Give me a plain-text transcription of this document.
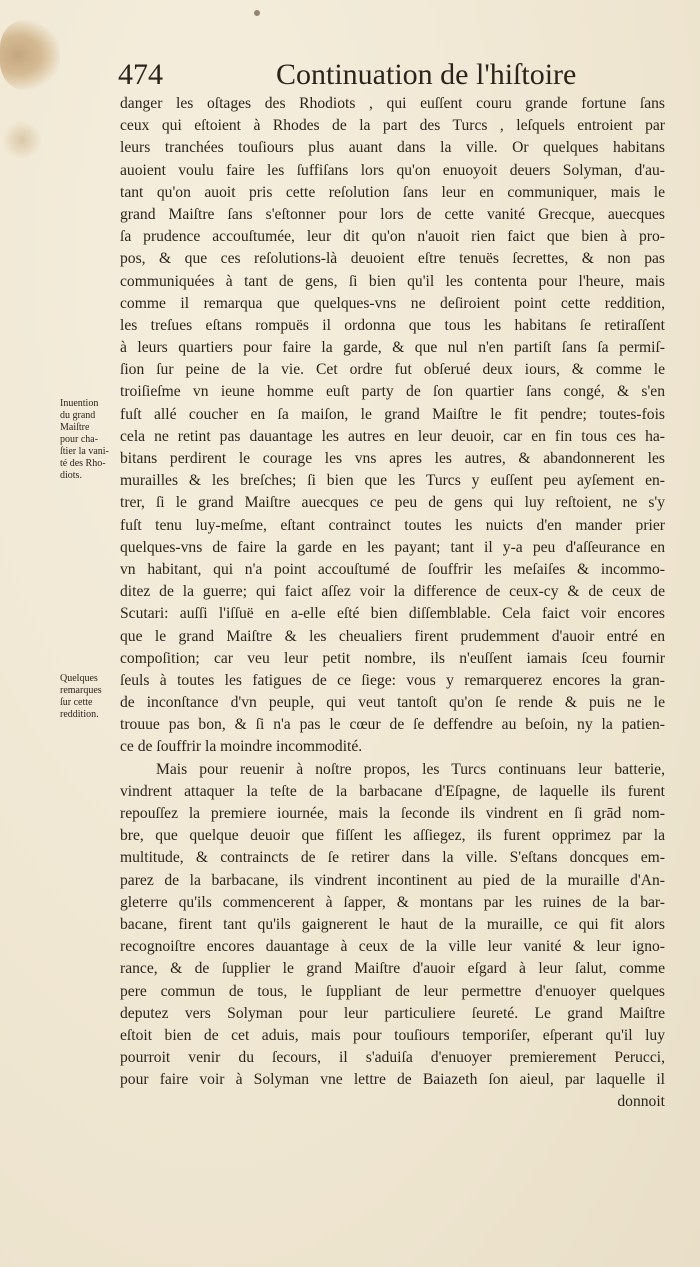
474	Continuation de l'hiſtoire
Inuention
du grand
Maiſtre
pour cha-
ſtier la vani-
té des Rho-
diots.
Quelques
remarques
ſur cette
reddition.
danger les oſtages des Rhodiots , qui euſſent couru grande fortune ſans
ceux qui eſtoient à Rhodes de la part des Turcs , leſquels entroient par
leurs tranchées touſiours plus auant dans la ville. Or quelques habitans
auoient voulu faire les ſuffiſans lors qu'on enuoyoit deuers Solyman, d'au-
tant qu'on auoit pris cette reſolution ſans leur en communiquer, mais le
grand Maiſtre ſans s'eſtonner pour lors de cette vanité Grecque, auecques
ſa prudence accouſtumée, leur dit qu'on n'auoit rien faict que bien à pro-
pos, & que ces reſolutions-là deuoient eſtre tenuës ſecrettes, & non pas
communiquées à tant de gens, ſi bien qu'il les contenta pour l'heure, mais
comme il remarqua que quelques-vns ne deſiroient point cette reddition,
les treſues eſtans rompuës il ordonna que tous les habitans ſe retiraſſent
à leurs quartiers pour faire la garde, & que nul n'en partiſt ſans ſa permiſ-
ſion ſur peine de la vie. Cet ordre fut obſerué deux iours, & comme le
troiſieſme vn ieune homme euſt party de ſon quartier ſans congé, & s'en
fuſt allé coucher en ſa maiſon, le grand Maiſtre le fit pendre; toutes-fois
cela ne retint pas dauantage les autres en leur deuoir, car en fin tous ces ha-
bitans perdirent le courage les vns apres les autres, & abandonnerent les
murailles & les breſches; ſi bien que les Turcs y euſſent peu ayſement en-
trer, ſi le grand Maiſtre auecques ce peu de gens qui luy reſtoient, ne s'y
fuſt tenu luy-meſme, eſtant contrainct toutes les nuicts d'en mander prier
quelques-vns de faire la garde en les payant; tant il y-a peu d'aſſeurance en
vn habitant, qui n'a point accouſtumé de ſouffrir les meſaiſes & incommo-
ditez de la guerre; qui faict aſſez voir la difference de ceux-cy & de ceux de
Scutari: auſſi l'iſſuë en a-elle eſté bien diſſemblable. Cela faict voir encores
que le grand Maiſtre & les cheualiers firent prudemment d'auoir entré en
compoſition; car veu leur petit nombre, ils n'euſſent iamais ſceu fournir
ſeuls à toutes les fatigues de ce ſiege: vous y remarquerez encores la gran-
de inconſtance d'vn peuple, qui veut tantoſt qu'on ſe rende & puis ne le
trouue pas bon, & ſi n'a pas le cœur de ſe deffendre au beſoin, ny la patien-
ce de ſouffrir la moindre incommodité.
Mais pour reuenir à noſtre propos, les Turcs continuans leur batterie,
vindrent attaquer la teſte de la barbacane d'Eſpagne, de laquelle ils furent
repouſſez la premiere iournée, mais la ſeconde ils vindrent en ſi grād nom-
bre, que quelque deuoir que fiſſent les aſſiegez, ils furent opprimez par la
multitude, & contraincts de ſe retirer dans la ville. S'eſtans doncques em-
parez de la barbacane, ils vindrent incontinent au pied de la muraille d'An-
gleterre qu'ils commencerent à ſapper, & montans par les ruines de la bar-
bacane, firent tant qu'ils gaignerent le haut de la muraille, ce qui fit alors
recognoiſtre encores dauantage à ceux de la ville leur vanité & leur igno-
rance, & de ſupplier le grand Maiſtre d'auoir eſgard à leur ſalut, comme
pere commun de tous, le ſuppliant de leur permettre d'enuoyer quelques
deputez vers Solyman pour leur particuliere ſeureté. Le grand Maiſtre
eſtoit bien de cet aduis, mais pour touſiours temporiſer, eſperant qu'il luy
pourroit venir du ſecours, il s'aduiſa d'enuoyer premierement Perucci,
pour faire voir à Solyman vne lettre de Baiazeth ſon aieul, par laquelle il
donnoit
